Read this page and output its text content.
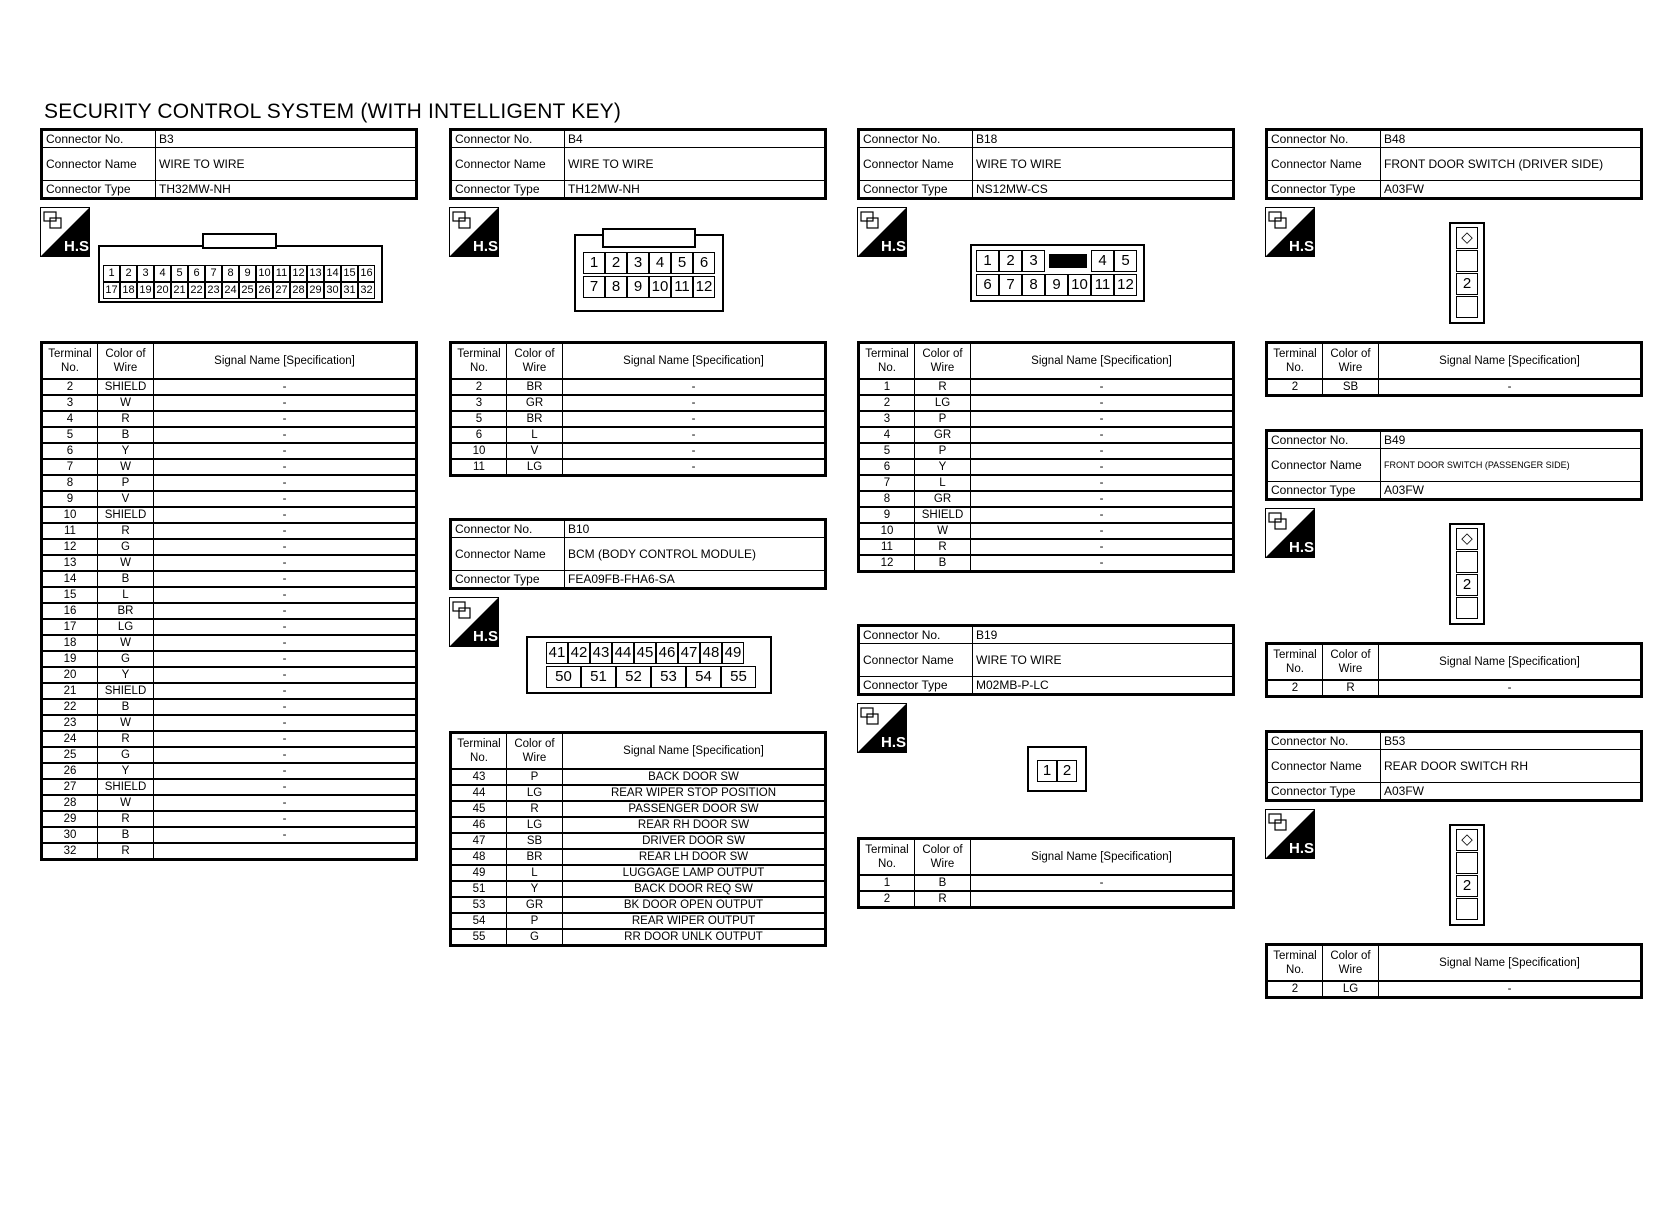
SECURITY CONTROL SYSTEM (WITH INTELLIGENT KEY)
Connector No.	B3
Connector Name	WIRE TO WIRE
Connector Type	TH32MW-NH
H.S.
1 2 3 4 5 6 7 8 9 10 11 12 13 14 15 16
17 18 19 20 21 22 23 24 25 26 27 28 29 30 31 32
Terminal No.	Color of Wire	Signal Name [Specification]
2	SHIELD	-
3	W	-
4	R	-
5	B	-
6	Y	-
7	W	-
8	P	-
9	V	-
10	SHIELD	-
11	R	-
12	G	-
13	W	-
14	B	-
15	L	-
16	BR	-
17	LG	-
18	W	-
19	G	-
20	Y	-
21	SHIELD	-
22	B	-
23	W	-
24	R	-
25	G	-
26	Y	-
27	SHIELD	-
28	W	-
29	R	-
30	B	-
32	R	
Connector No.	B4
Connector Name	WIRE TO WIRE
Connector Type	TH12MW-NH
H.S.
1 2 3 4 5 6
7 8 9 10 11 12
Terminal No.	Color of Wire	Signal Name [Specification]
2	BR	-
3	GR	-
5	BR	-
6	L	-
10	V	-
11	LG	-
Connector No.	B10
Connector Name	BCM (BODY CONTROL MODULE)
Connector Type	FEA09FB-FHA6-SA
H.S.
41 42 43 44 45 46 47 48 49
50	51	52	53	54	55
Terminal No.	Color of Wire	Signal Name [Specification]
43	P	BACK DOOR SW
44	LG	REAR WIPER STOP POSITION
45	R	PASSENGER DOOR SW
46	LG	REAR RH DOOR SW
47	SB	DRIVER DOOR SW
48	BR	REAR LH DOOR SW
49	L	LUGGAGE LAMP OUTPUT
51	Y	BACK DOOR REQ SW
53	GR	BK DOOR OPEN OUTPUT
54	P	REAR WIPER OUTPUT
55	G	RR DOOR UNLK OUTPUT
Connector No.	B18
Connector Name	WIRE TO WIRE
Connector Type	NS12MW-CS
H.S.
1 2 3	4 5
6 7 8 9 10 11 12
Terminal No.	Color of Wire	Signal Name [Specification]
1	R	-
2	LG	-
3	P	-
4	GR	-
5	P	-
6	Y	-
7	L	-
8	GR	-
9	SHIELD	-
10	W	-
11	R	-
12	B	-
Connector No.	B19
Connector Name	WIRE TO WIRE
Connector Type	M02MB-P-LC
H.S.
1 2
Terminal No.	Color of Wire	Signal Name [Specification]
1	B	-
2	R	
Connector No.	B48
Connector Name	FRONT DOOR SWITCH (DRIVER SIDE)
Connector Type	A03FW
H.S.
◇
2
Terminal No.	Color of Wire	Signal Name [Specification]
2	SB	-
Connector No.	B49
Connector Name	FRONT DOOR SWITCH (PASSENGER SIDE)
Connector Type	A03FW
H.S.
◇
2
Terminal No.	Color of Wire	Signal Name [Specification]
2	R	-
Connector No.	B53
Connector Name	REAR DOOR SWITCH RH
Connector Type	A03FW
H.S.
◇
2
Terminal No.	Color of Wire	Signal Name [Specification]
2	LG	-
